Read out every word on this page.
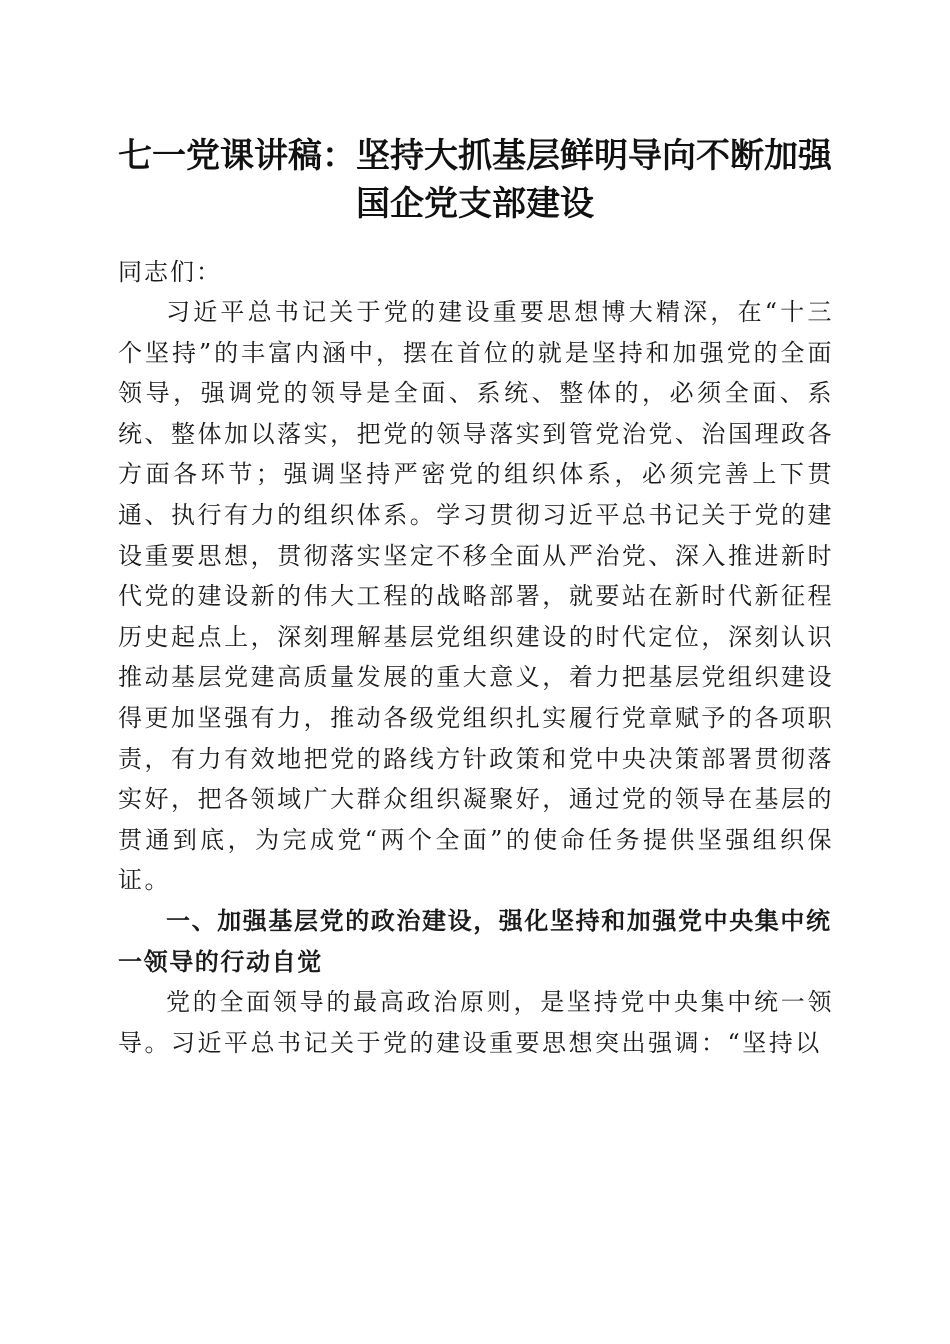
七一党课讲稿：坚持大抓基层鲜明导向不断加强国企党支部建设

同志们：

习近平总书记关于党的建设重要思想博大精深，在“十三个坚持”的丰富内涵中，摆在首位的就是坚持和加强党的全面领导，强调党的领导是全面、系统、整体的，必须全面、系统、整体加以落实，把党的领导落实到管党治党、治国理政各方面各环节；强调坚持严密党的组织体系，必须完善上下贯通、执行有力的组织体系。学习贯彻习近平总书记关于党的建设重要思想，贯彻落实坚定不移全面从严治党、深入推进新时代党的建设新的伟大工程的战略部署，就要站在新时代新征程历史起点上，深刻理解基层党组织建设的时代定位，深刻认识推动基层党建高质量发展的重大意义，着力把基层党组织建设得更加坚强有力，推动各级党组织扎实履行党章赋予的各项职责，有力有效地把党的路线方针政策和党中央决策部署贯彻落实好，把各领域广大群众组织凝聚好，通过党的领导在基层的贯通到底，为完成党“两个全面”的使命任务提供坚强组织保证。

一、加强基层党的政治建设，强化坚持和加强党中央集中统一领导的行动自觉

党的全面领导的最高政治原则，是坚持党中央集中统一领导。习近平总书记关于党的建设重要思想突出强调：“坚持以
